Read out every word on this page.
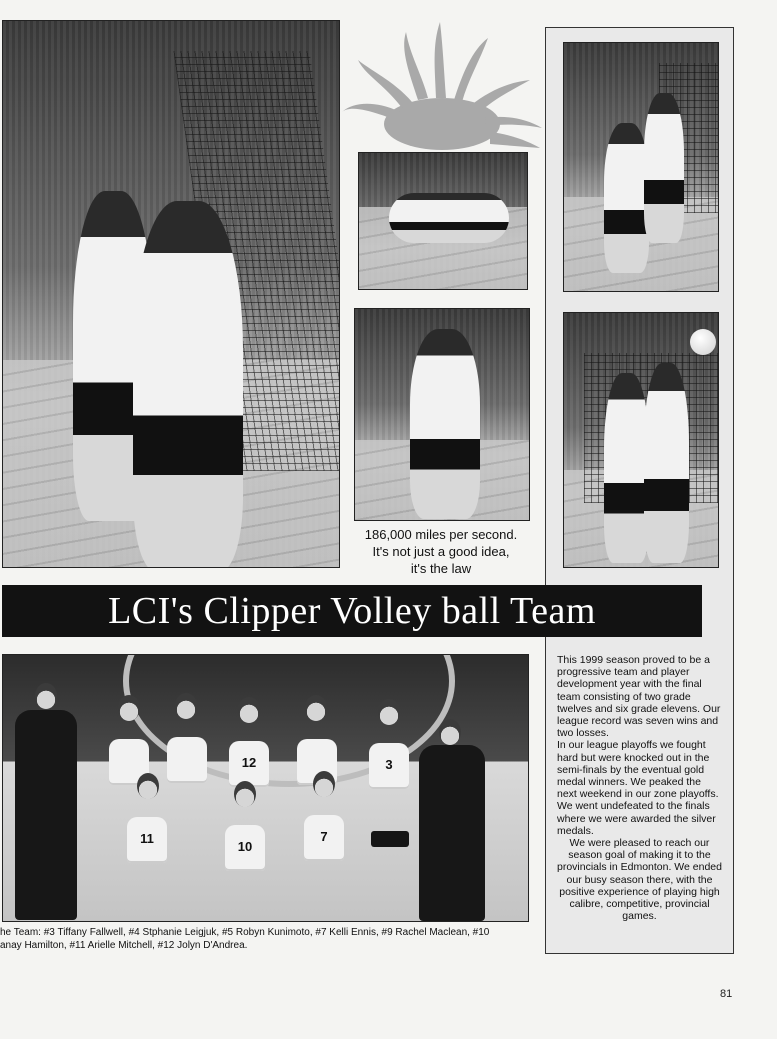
186,000 miles per second.
It's not just a good idea,
it's the law
LCI's Clipper Volley ball Team
12	3
11
10
7
he Team: #3 Tiffany Fallwell, #4 Stphanie Leigjuk, #5 Robyn Kunimoto, #7 Kelli Ennis, #9 Rachel Maclean, #10
anay Hamilton, #11 Arielle Mitchell, #12 Jolyn D'Andrea.

This 1999 season proved to be a progressive team and player development year with the final team consisting of two grade twelves and six grade elevens. Our league record was seven wins and two losses.

In our league playoffs we fought hard but were knocked out in the semi-finals by the eventual gold medal winners. We peaked the next weekend in our zone playoffs. We went undefeated to the finals where we were awarded the silver medals.

We were pleased to reach our season goal of making it to the provincials in Edmonton. We ended our busy season there, with the positive experience of playing high calibre, competitive, provincial games.

81
